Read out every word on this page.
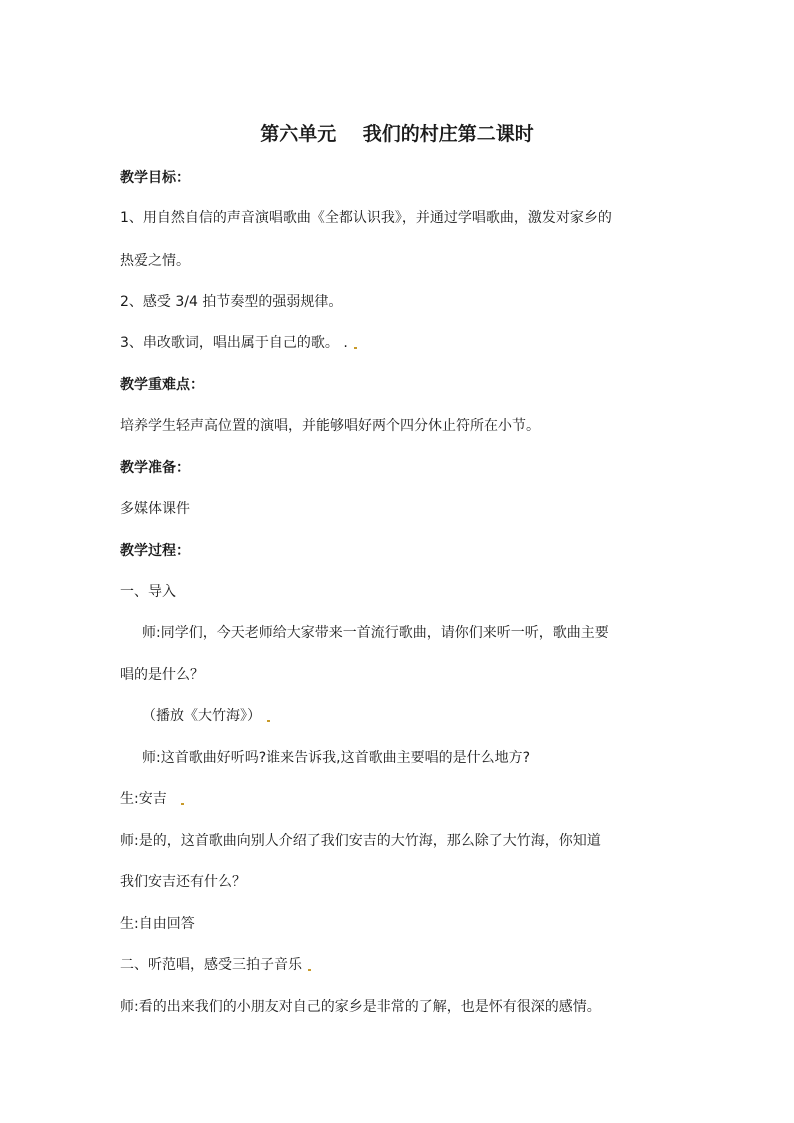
第六单元    我们的村庄第二课时
教学目标：
1、用自然自信的声音演唱歌曲《全都认识我》，并通过学唱歌曲，激发对家乡的
热爱之情。
2、感受 3/4 拍节奏型的强弱规律。
3、串改歌词，唱出属于自己的歌。 .
教学重难点：
培养学生轻声高位置的演唱，并能够唱好两个四分休止符所在小节。
教学准备：
多媒体课件
教学过程：
一、导入
师:同学们，今天老师给大家带来一首流行歌曲，请你们来听一听，歌曲主要
唱的是什么？
（播放《大竹海》）
师:这首歌曲好听吗?谁来告诉我,这首歌曲主要唱的是什么地方?
生:安吉
师:是的，这首歌曲向别人介绍了我们安吉的大竹海，那么除了大竹海，你知道
我们安吉还有什么？
生:自由回答
二、听范唱，感受三拍子音乐
师:看的出来我们的小朋友对自己的家乡是非常的了解，也是怀有很深的感情。
